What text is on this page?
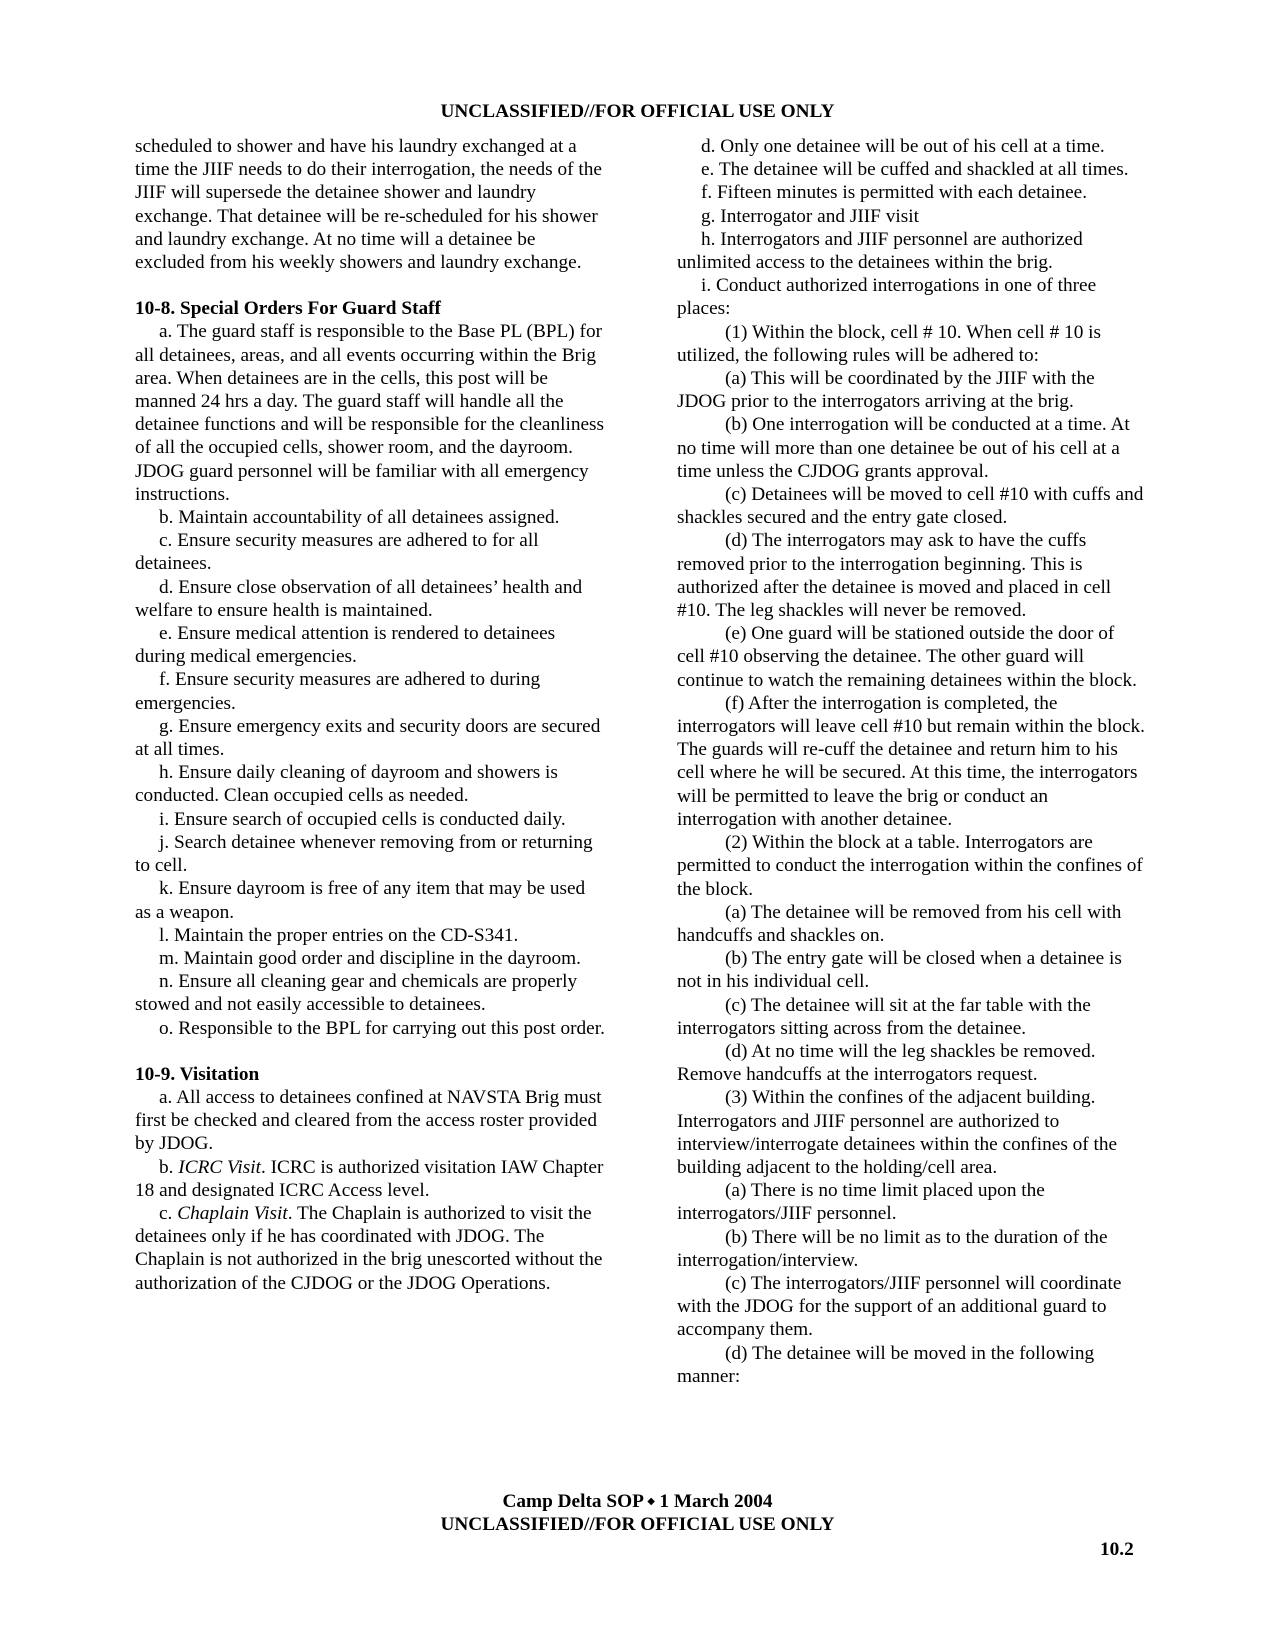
UNCLASSIFIED//FOR OFFICIAL USE ONLY

scheduled to shower and have his laundry exchanged at a time the JIIF needs to do their interrogation, the needs of the JIIF will supersede the detainee shower and laundry exchange. That detainee will be re-scheduled for his shower and laundry exchange. At no time will a detainee be excluded from his weekly showers and laundry exchange.

10-8. Special Orders For Guard Staff

a. The guard staff is responsible to the Base PL (BPL) for all detainees, areas, and all events occurring within the Brig area. When detainees are in the cells, this post will be manned 24 hrs a day. The guard staff will handle all the detainee functions and will be responsible for the cleanliness of all the occupied cells, shower room, and the dayroom. JDOG guard personnel will be familiar with all emergency instructions.

b. Maintain accountability of all detainees assigned.

c. Ensure security measures are adhered to for all detainees.

d. Ensure close observation of all detainees’ health and welfare to ensure health is maintained.

e. Ensure medical attention is rendered to detainees during medical emergencies.

f. Ensure security measures are adhered to during emergencies.

g. Ensure emergency exits and security doors are secured at all times.

h. Ensure daily cleaning of dayroom and showers is conducted. Clean occupied cells as needed.

i. Ensure search of occupied cells is conducted daily.

j. Search detainee whenever removing from or returning to cell.

k. Ensure dayroom is free of any item that may be used as a weapon.

l. Maintain the proper entries on the CD-S341.

m. Maintain good order and discipline in the dayroom.

n. Ensure all cleaning gear and chemicals are properly stowed and not easily accessible to detainees.

o. Responsible to the BPL for carrying out this post order.

10-9. Visitation

a. All access to detainees confined at NAVSTA Brig must first be checked and cleared from the access roster provided by JDOG.

b. ICRC Visit. ICRC is authorized visitation IAW Chapter 18 and designated ICRC Access level.

c. Chaplain Visit. The Chaplain is authorized to visit the detainees only if he has coordinated with JDOG. The Chaplain is not authorized in the brig unescorted without the authorization of the CJDOG or the JDOG Operations.

d. Only one detainee will be out of his cell at a time.

e. The detainee will be cuffed and shackled at all times.

f. Fifteen minutes is permitted with each detainee.

g. Interrogator and JIIF visit

h. Interrogators and JIIF personnel are authorized unlimited access to the detainees within the brig.

i. Conduct authorized interrogations in one of three places:

(1) Within the block, cell # 10. When cell # 10 is utilized, the following rules will be adhered to:

(a) This will be coordinated by the JIIF with the JDOG prior to the interrogators arriving at the brig.

(b) One interrogation will be conducted at a time. At no time will more than one detainee be out of his cell at a time unless the CJDOG grants approval.

(c) Detainees will be moved to cell #10 with cuffs and shackles secured and the entry gate closed.

(d) The interrogators may ask to have the cuffs removed prior to the interrogation beginning. This is authorized after the detainee is moved and placed in cell #10. The leg shackles will never be removed.

(e) One guard will be stationed outside the door of cell #10 observing the detainee. The other guard will continue to watch the remaining detainees within the block.

(f) After the interrogation is completed, the interrogators will leave cell #10 but remain within the block. The guards will re-cuff the detainee and return him to his cell where he will be secured. At this time, the interrogators will be permitted to leave the brig or conduct an interrogation with another detainee.

(2) Within the block at a table. Interrogators are permitted to conduct the interrogation within the confines of the block.

(a) The detainee will be removed from his cell with handcuffs and shackles on.

(b) The entry gate will be closed when a detainee is not in his individual cell.

(c) The detainee will sit at the far table with the interrogators sitting across from the detainee.

(d) At no time will the leg shackles be removed. Remove handcuffs at the interrogators request.

(3) Within the confines of the adjacent building. Interrogators and JIIF personnel are authorized to interview/interrogate detainees within the confines of the building adjacent to the holding/cell area.

(a) There is no time limit placed upon the interrogators/JIIF personnel.

(b) There will be no limit as to the duration of the interrogation/interview.

(c) The interrogators/JIIF personnel will coordinate with the JDOG for the support of an additional guard to accompany them.

(d) The detainee will be moved in the following manner:

Camp Delta SOP ⬩ 1 March 2004
UNCLASSIFIED//FOR OFFICIAL USE ONLY
10.2
